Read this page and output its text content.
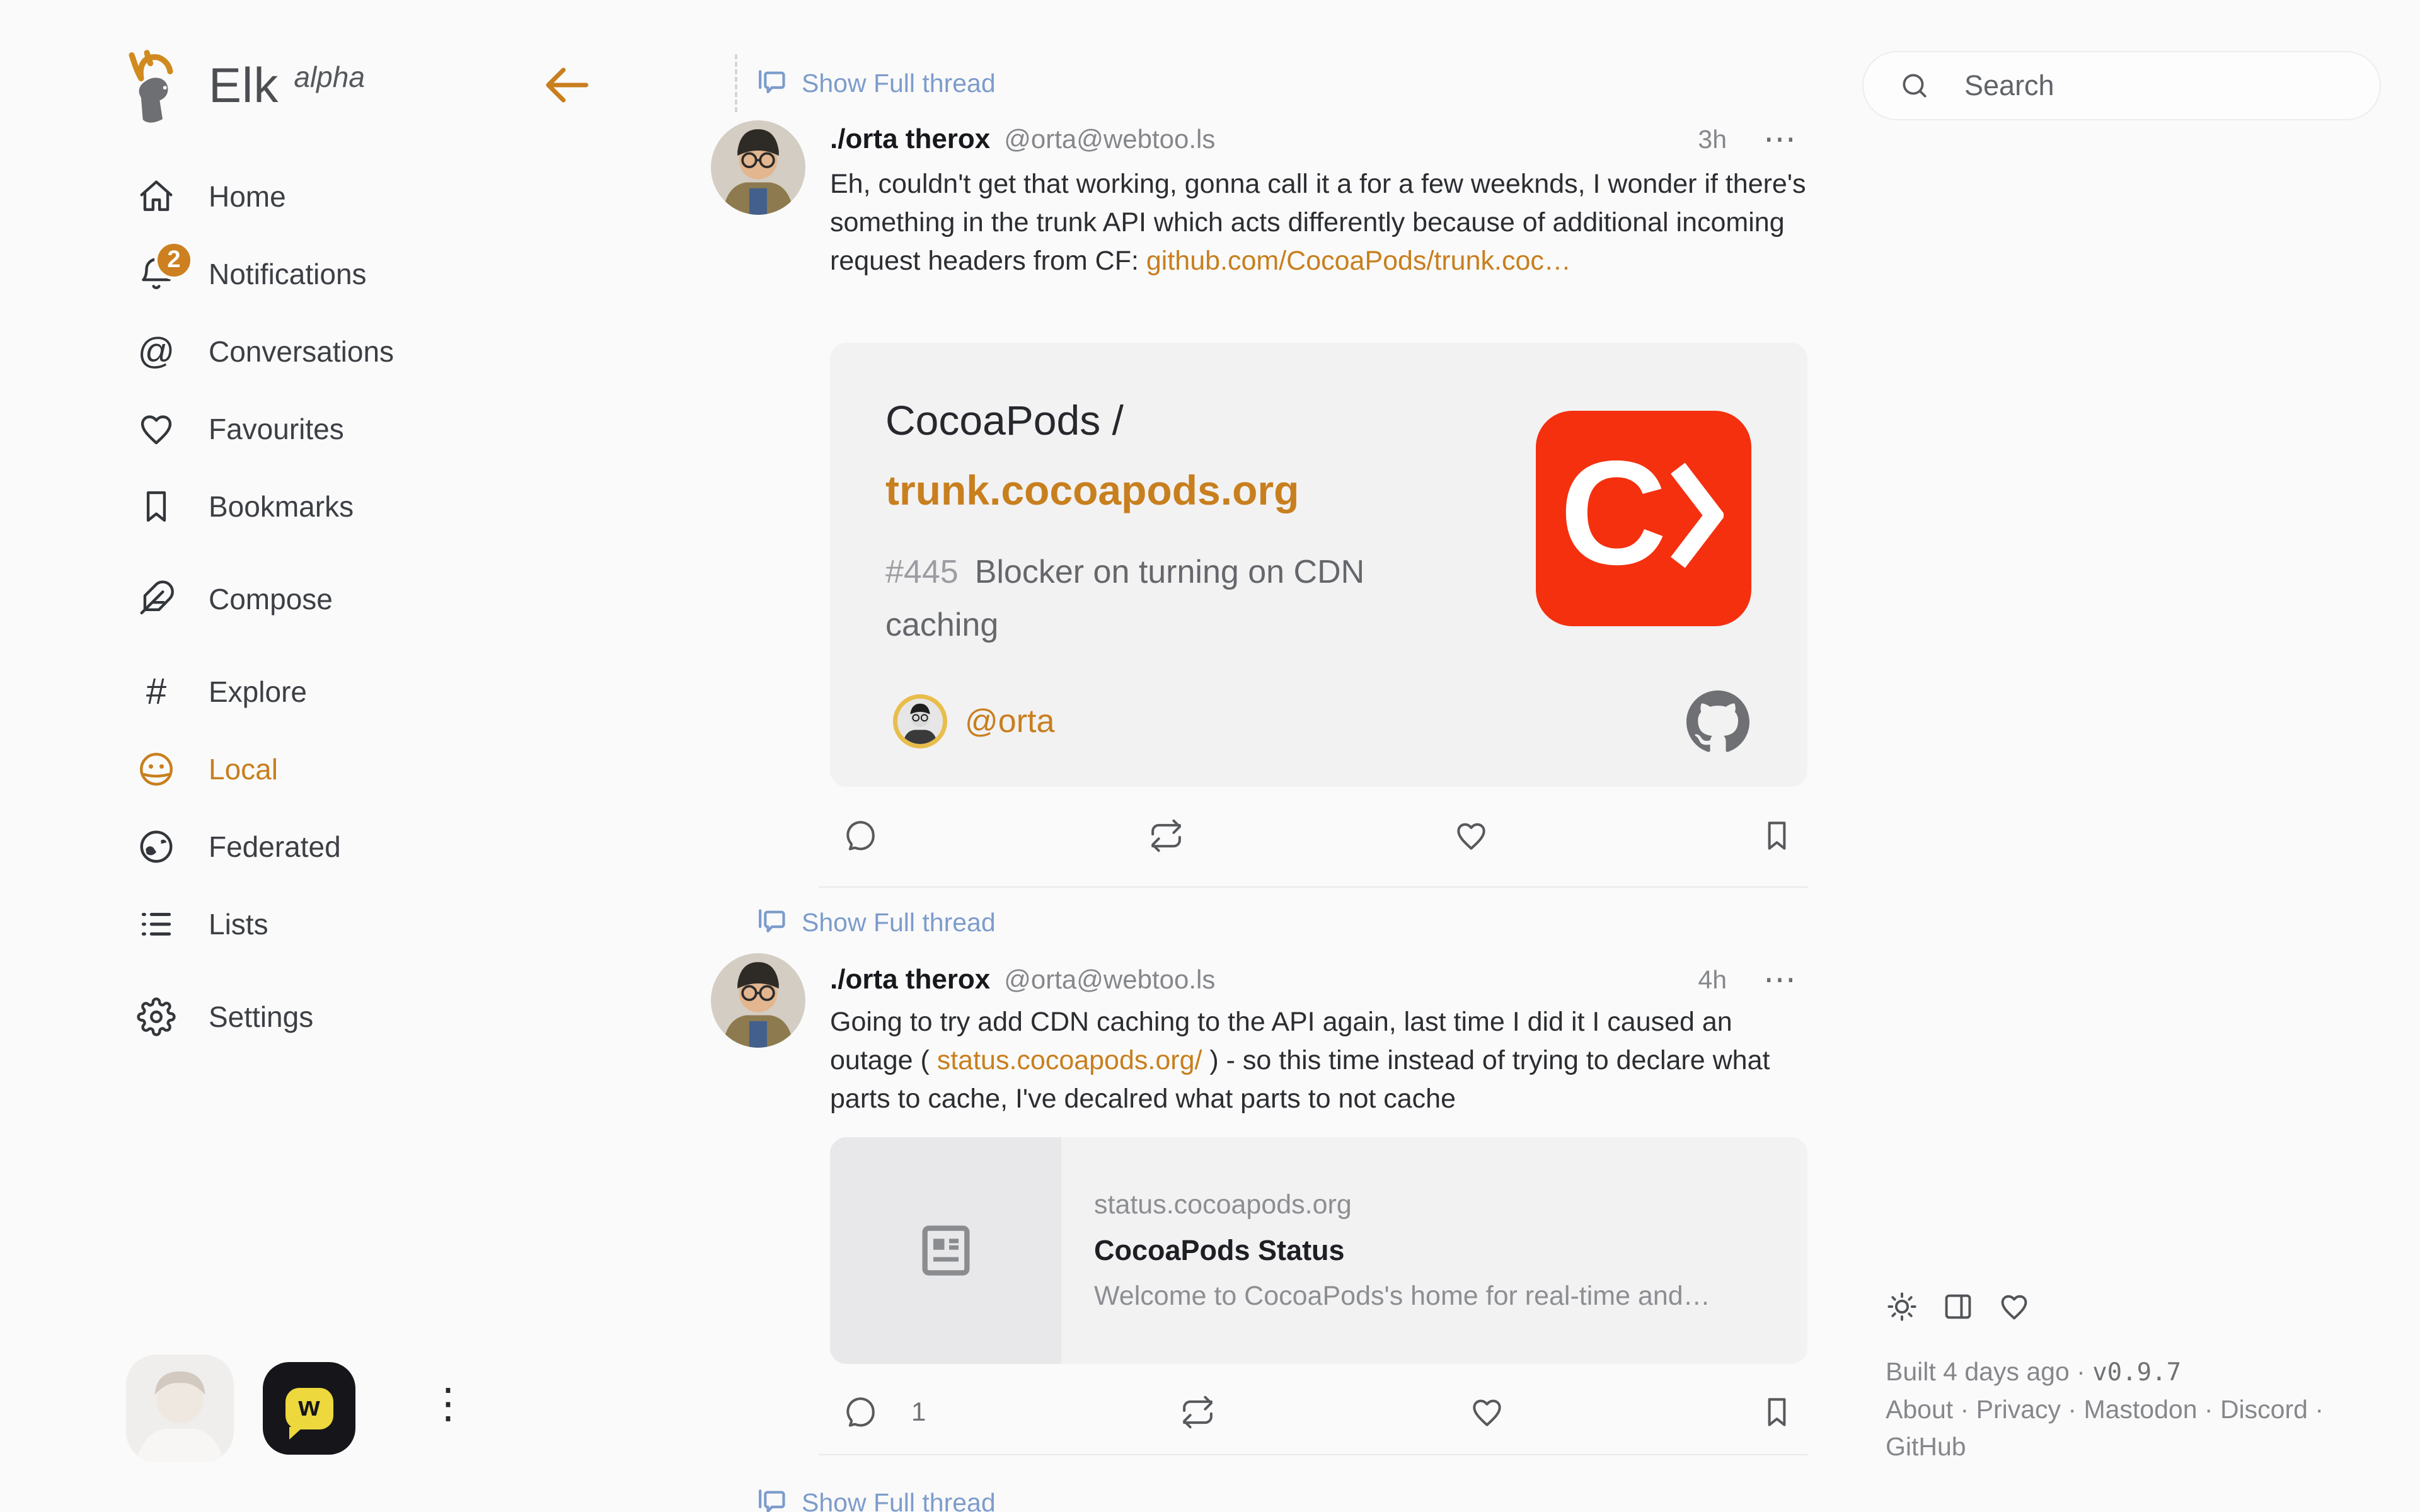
Elk alpha
Home
2 Notifications
@ Conversations
Favourites
Bookmarks
Compose
# Explore
Local
Federated
Lists
Settings
w	⋮
Show Full thread
./orta therox @orta@webtoo.ls	3h ⋯
Eh, couldn't get that working, gonna call it a for a few weeknds, I wonder if there's something in the trunk API which acts differently because of additional incoming request headers from CF: github.com/CocoaPods/trunk.coc…
CocoaPods /
trunk.cocoapods.org
#445 Blocker on turning on CDN caching
C
@orta
Show Full thread
./orta therox @orta@webtoo.ls	4h ⋯
Going to try add CDN caching to the API again, last time I did it I caused an outage ( status.cocoapods.org/ ) - so this time instead of trying to declare what parts to cache, I've decalred what parts to not cache
status.cocoapods.org
CocoaPods Status
Welcome to CocoaPods's home for real-time and…
1
Show Full thread
Search
Built 4 days ago · v0.9.7
About · Privacy · Mastodon · Discord · GitHub
